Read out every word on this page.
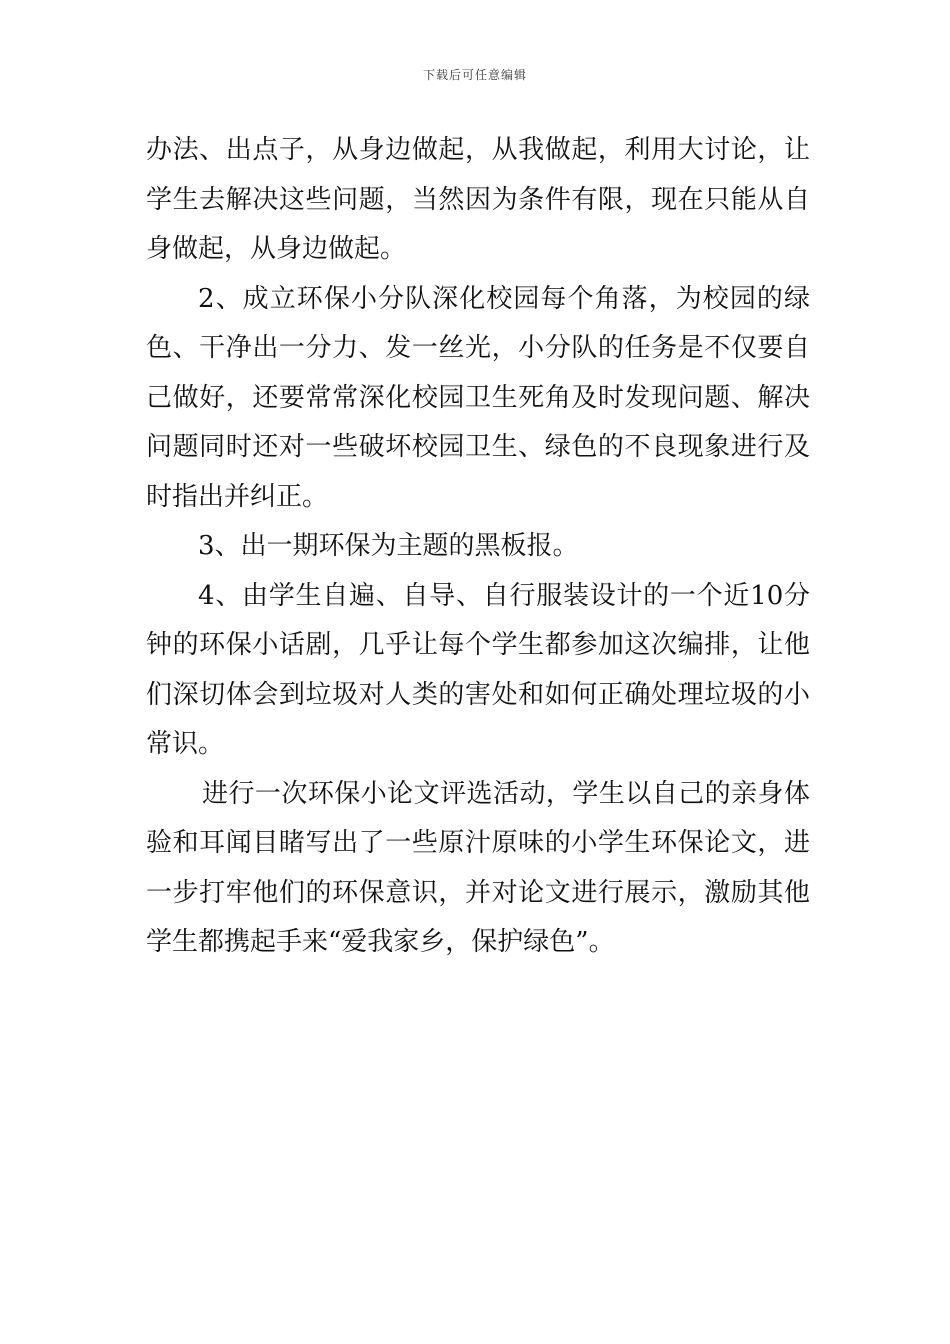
下载后可任意编辑

办法、出点子，从身边做起，从我做起，利用大讨论，让学生去解决这些问题，当然因为条件有限，现在只能从自身做起，从身边做起。

2、成立环保小分队深化校园每个角落，为校园的绿色、干净出一分力、发一丝光，小分队的任务是不仅要自己做好，还要常常深化校园卫生死角及时发现问题、解决问题同时还对一些破坏校园卫生、绿色的不良现象进行及时指出并纠正。

3、出一期环保为主题的黑板报。

4、由学生自遍、自导、自行服装设计的一个近10分钟的环保小话剧，几乎让每个学生都参加这次编排，让他们深切体会到垃圾对人类的害处和如何正确处理垃圾的小常识。

进行一次环保小论文评选活动，学生以自己的亲身体验和耳闻目睹写出了一些原汁原味的小学生环保论文，进一步打牢他们的环保意识，并对论文进行展示，激励其他学生都携起手来“爱我家乡，保护绿色”。
